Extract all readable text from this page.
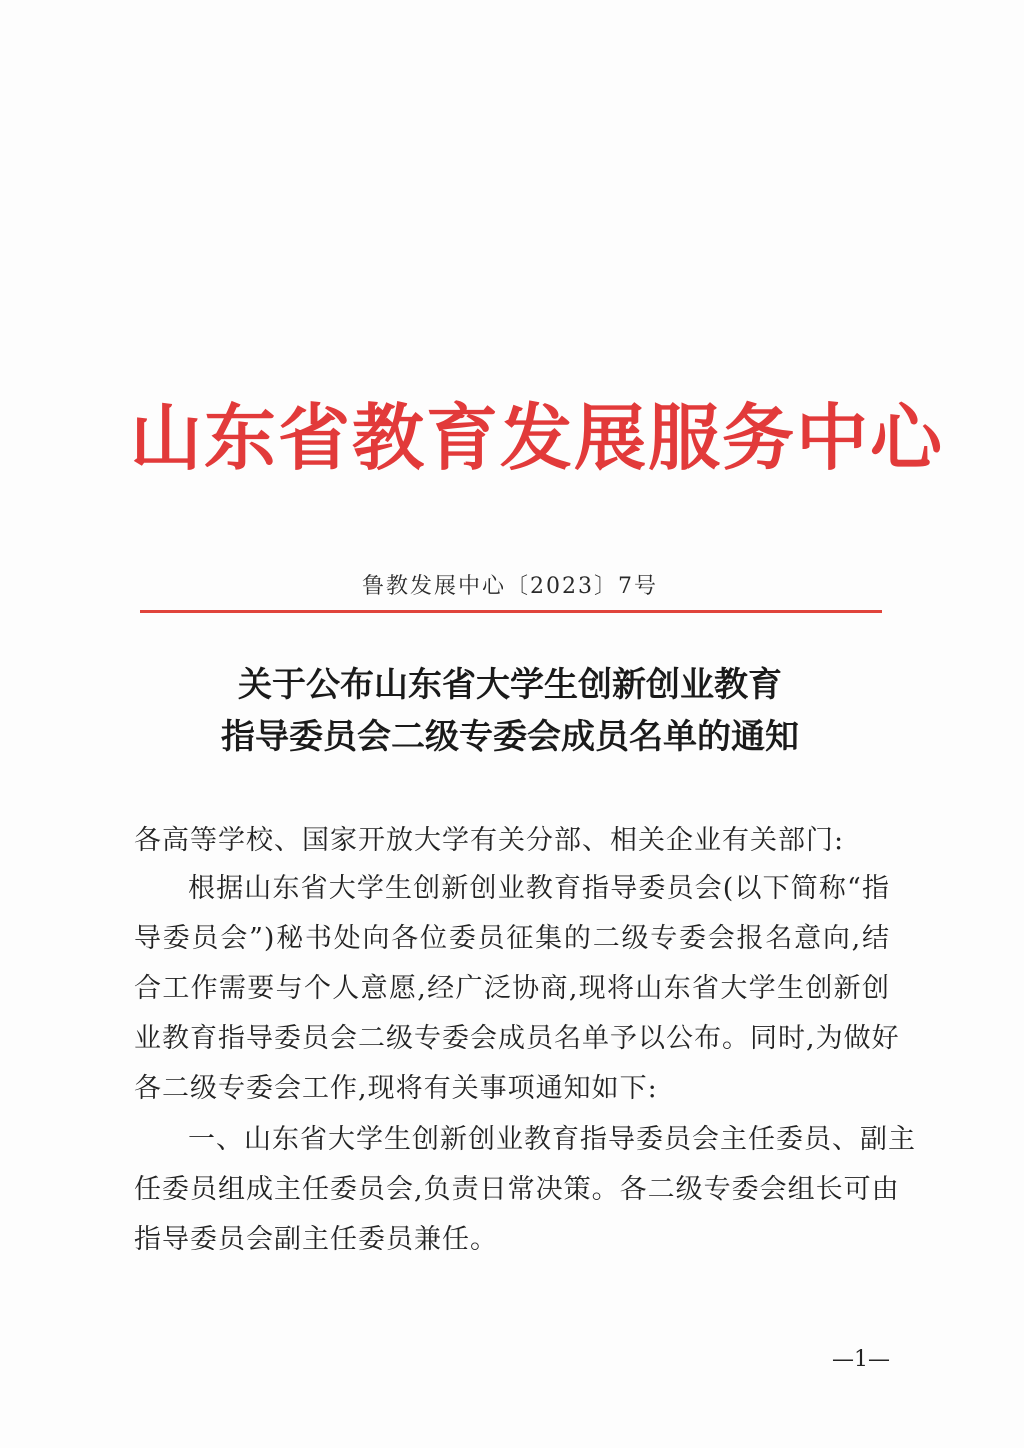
山东省教育发展服务中心
鲁教发展中心〔2023〕7号
关于公布山东省大学生创新创业教育
指导委员会二级专委会成员名单的通知
各高等学校、国家开放大学有关分部、相关企业有关部门:
根据山东省大学生创新创业教育指导委员会(以下简称“指
导委员会”)秘书处向各位委员征集的二级专委会报名意向,结
合工作需要与个人意愿,经广泛协商,现将山东省大学生创新创
业教育指导委员会二级专委会成员名单予以公布。同时,为做好
各二级专委会工作,现将有关事项通知如下:
一、山东省大学生创新创业教育指导委员会主任委员、副主
任委员组成主任委员会,负责日常决策。各二级专委会组长可由
指导委员会副主任委员兼任。
—1—
